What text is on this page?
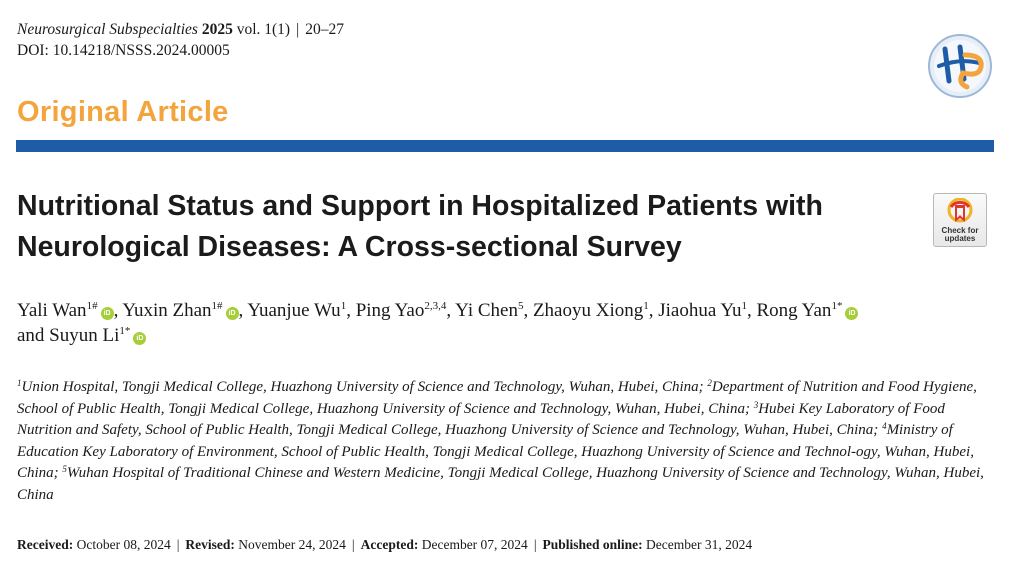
Neurosurgical Subspecialties 2025 vol. 1(1) | 20–27
DOI: 10.14218/NSSS.2024.00005
Original Article
Nutritional Status and Support in Hospitalized Patients with Neurological Diseases: A Cross-sectional Survey
Check for
updates
Yali Wan$^{1\#}$iD , Yuxin Zhan$^{1\#}$iD , Yuanjue Wu$^1$, Ping Yao$^{2,3,4}$, Yi Chen$^5$, Zhaoyu Xiong$^1$, Jiaohua Yu$^1$, Rong Yan$^{1*}$iD
and Suyun $Li^{1*}iD$

$^1$Union Hospital, Tongji Medical College, Huazhong University of Science and Technology, Wuhan, Hubei, China; $^2$Department of Nutrition and Food Hygiene, School of Public Health, Tongji Medical College, Huazhong University of Science and Technology, Wuhan, Hubei, China; $^3$Hubei Key Laboratory of Food Nutrition and Safety, School of Public Health, Tongji Medical College, Huazhong University of Science and Technology, Wuhan, Hubei, China; $^4$Ministry of Education Key Laboratory of Environment, School of Public Health, Tongji Medical College, Huazhong University of Science and Technol-ogy, Wuhan, Hubei, China; $^5$Wuhan Hospital of Traditional Chinese and Western Medicine, Tongji Medical College, Huazhong University of Science and Technology, Wuhan, Hubei, China

Received: October 08, 2024 | Revised: November 24, 2024 | Accepted: December 07, 2024 | Published online: December 31, 2024
